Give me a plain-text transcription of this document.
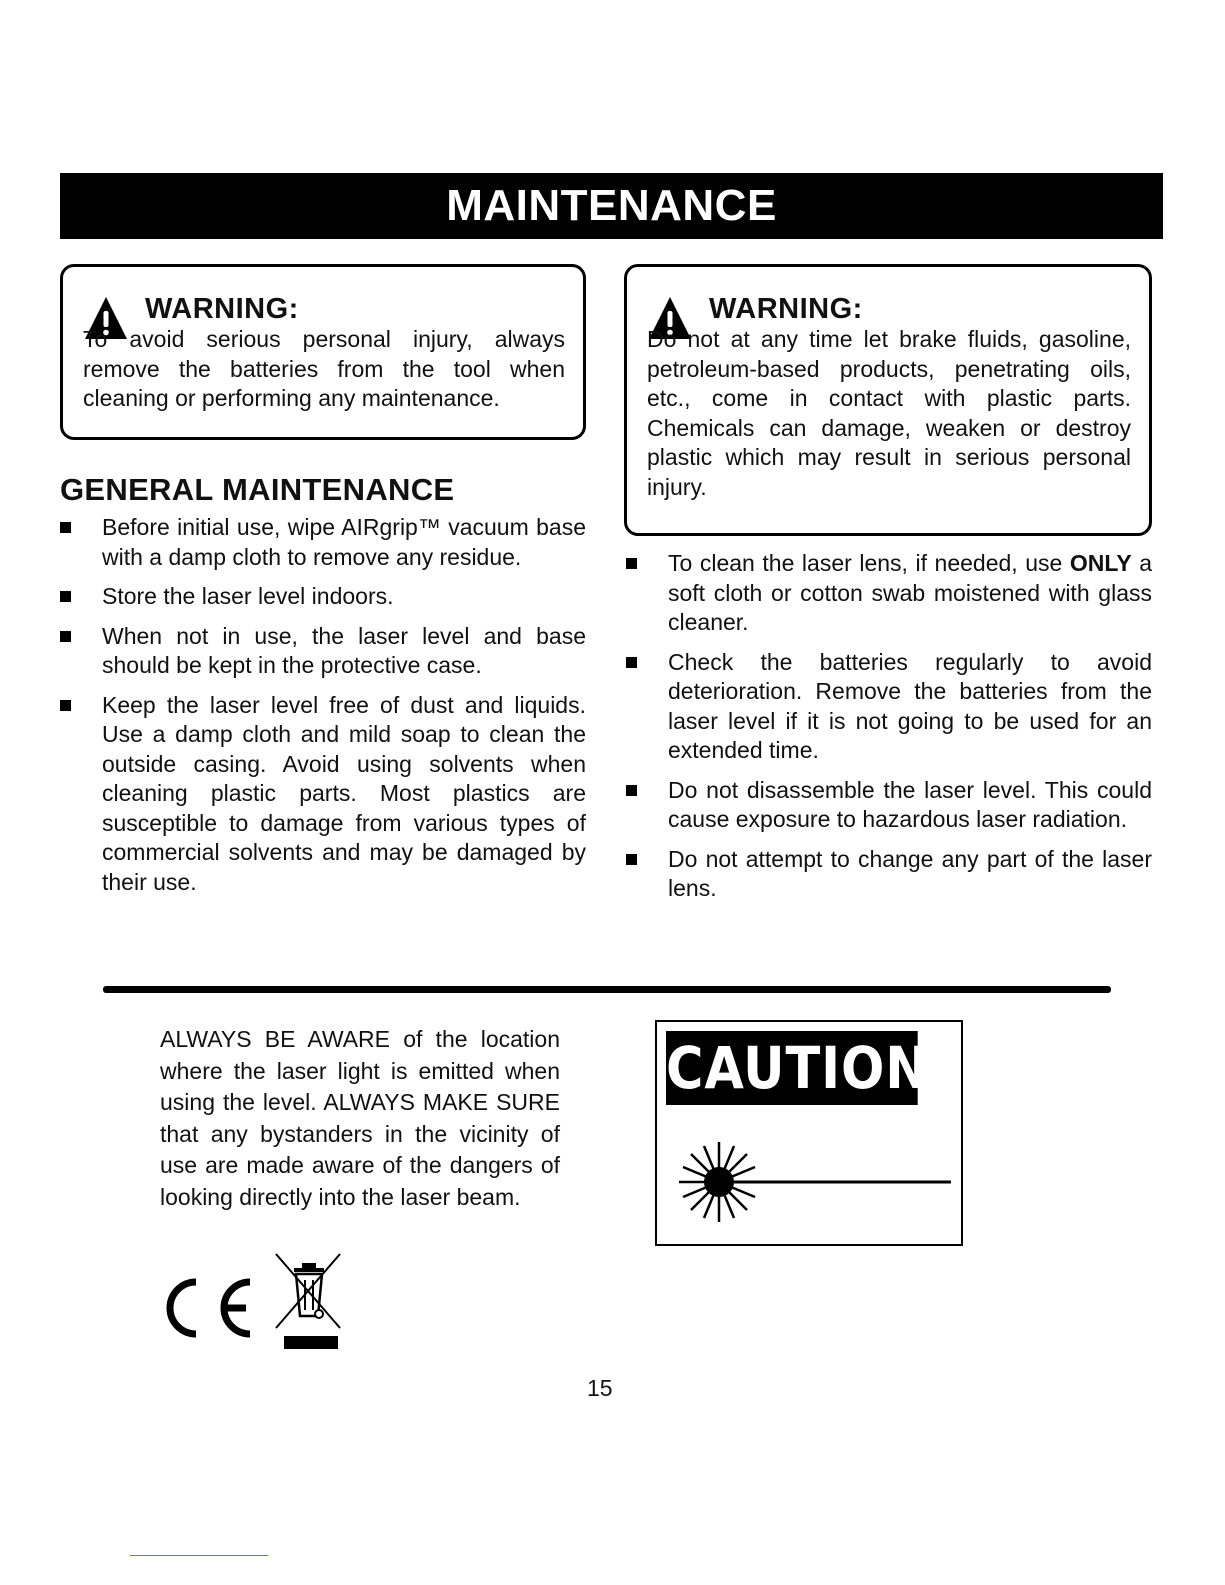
MAINTENANCE
WARNING:
To avoid serious personal injury, always remove the batteries from the tool when cleaning or performing any maintenance.
WARNING:
Do not at any time let brake fluids, gasoline, petroleum-based products, penetrating oils, etc., come in contact with plastic parts. Chemicals can damage, weaken or destroy plastic which may result in serious personal injury.
GENERAL MAINTENANCE
Before initial use, wipe AIRgrip™ vacuum base with a damp cloth to remove any residue.
Store the laser level indoors.
When not in use, the laser level and base should be kept in the protective case.
Keep the laser level free of dust and liquids. Use a damp cloth and mild soap to clean the outside casing. Avoid using solvents when cleaning plastic parts. Most plastics are susceptible to damage from various types of commercial solvents and may be damaged by their use.
To clean the laser lens, if needed, use ONLY a soft cloth or cotton swab moistened with glass cleaner.
Check the batteries regularly to avoid deterioration. Remove the batteries from the laser level if it is not going to be used for an extended time.
Do not disassemble the laser level. This could cause exposure to hazardous laser radiation.
Do not attempt to change any part of the laser lens.
ALWAYS BE AWARE of the location where the laser light is emitted when using the level. ALWAYS MAKE SURE that any bystanders in the vicinity of use are made aware of the dangers of looking directly into the laser beam.
CAUTION
15
